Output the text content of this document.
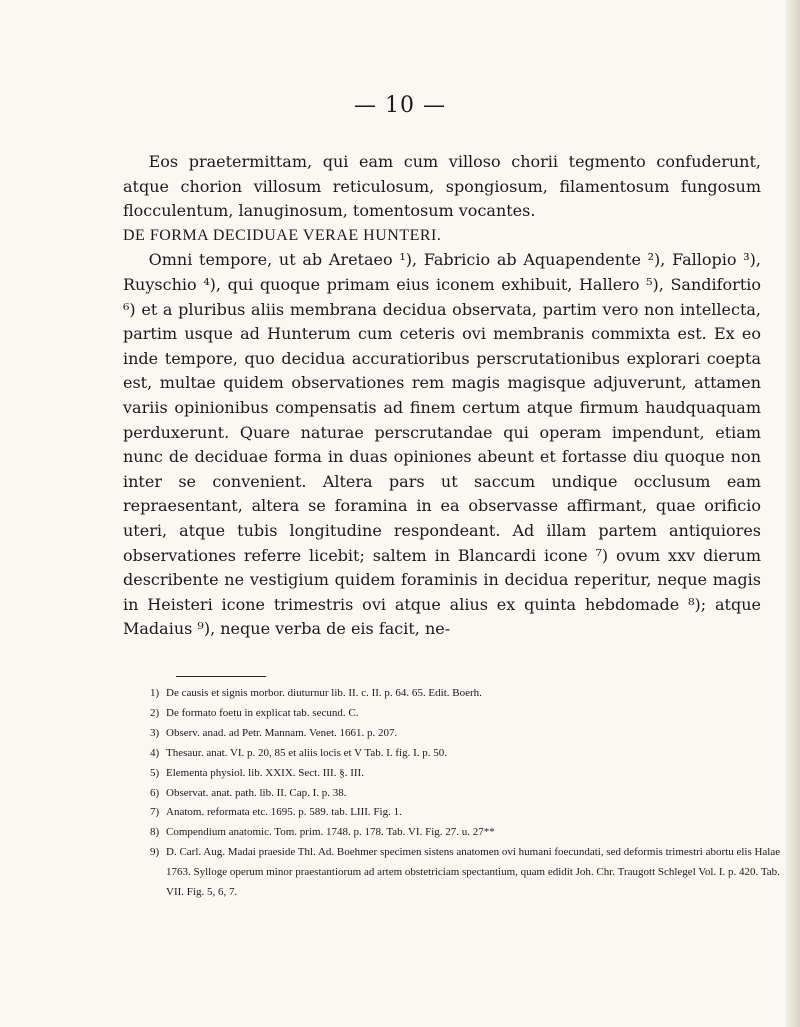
— 10 —

Eos praetermittam, qui eam cum villoso chorii tegmento confuderunt, atque chorion villosum reticulosum, spongiosum, filamentosum fungosum flocculentum, lanuginosum, tomentosum vocantes.

DE FORMA DECIDUAE VERAE HUNTERI.

Omni tempore, ut ab Aretaeo ¹), Fabricio ab Aquapendente ²), Fallopio ³), Ruyschio ⁴), qui quoque primam eius iconem exhibuit, Hallero ⁵), Sandifortio ⁶) et a pluribus aliis membrana decidua observata, partim vero non intellecta, partim usque ad Hunterum cum ceteris ovi membranis commixta est. Ex eo inde tempore, quo decidua accuratioribus perscrutationibus explorari coepta est, multae quidem observationes rem magis magisque adjuverunt, attamen variis opinionibus compensatis ad finem certum atque firmum haudquaquam perduxerunt. Quare naturae perscrutandae qui operam impendunt, etiam nunc de deciduae forma in duas opiniones abeunt et fortasse diu quoque non inter se convenient. Altera pars ut saccum undique occlusum eam repraesentant, altera se foramina in ea observasse affirmant, quae orificio uteri, atque tubis longitudine respondeant. Ad illam partem antiquiores observationes referre licebit; saltem in Blancardi icone ⁷) ovum xxv dierum describente ne vestigium quidem foraminis in decidua reperitur, neque magis in Heisteri icone trimestris ovi atque alius ex quinta hebdomade ⁸); atque Madaius ⁹), neque verba de eis facit, ne-

1) De causis et signis morbor. diuturnur lib. II. c. II. p. 64. 65. Edit. Boerh.
2) De formato foetu in explicat tab. secund. C.
3) Observ. anad. ad Petr. Mannam. Venet. 1661. p. 207.
4) Thesaur. anat. VI. p. 20, 85 et aliis locis et V Tab. I. fig. I. p. 50.
5) Elementa physiol. lib. XXIX. Sect. III. §. III.
6) Observat. anat. path. lib. II. Cap. I. p. 38.
7) Anatom. reformata etc. 1695. p. 589. tab. LIII. Fig. 1.
8) Compendium anatomic. Tom. prim. 1748. p. 178. Tab. VI. Fig. 27. u. 27**
9) D. Carl. Aug. Madai praeside Thl. Ad. Boehmer specimen sistens anatomen ovi humani foecundati, sed deformis trimestri abortu elis Halae 1763. Syllоge operum minor praestantiorum ad artem obstetriciam spectantium, quam edidit Joh. Chr. Traugott Schlegel Vol. I. p. 420. Tab. VII. Fig. 5, 6, 7.
